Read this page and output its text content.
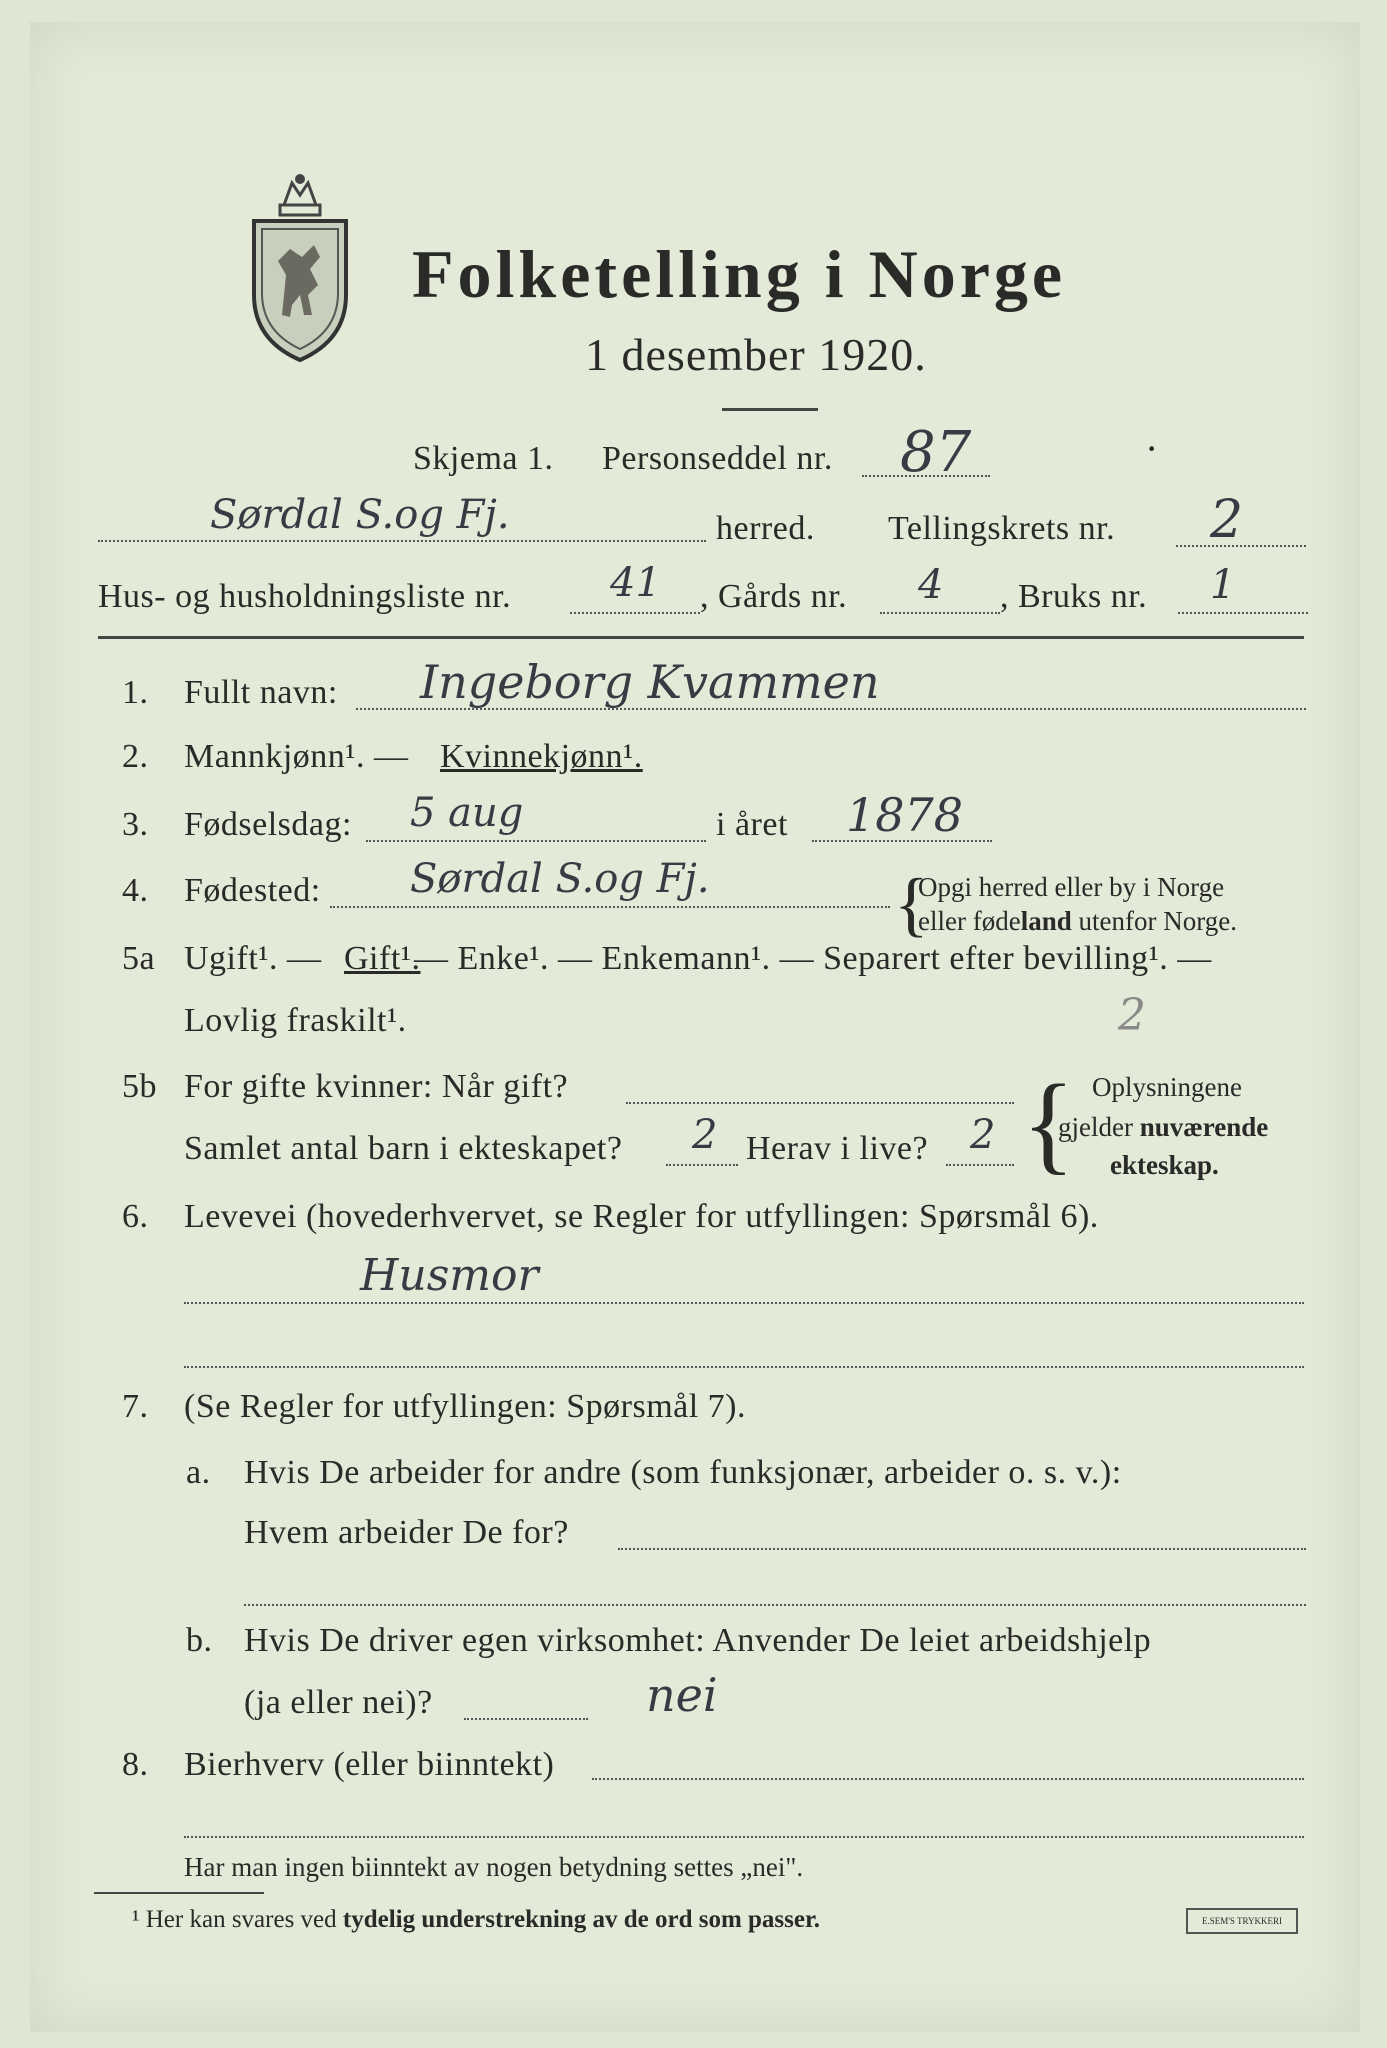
Folketelling i Norge
1 desember 1920.
Skjema 1. Personseddel nr. 87	·
Sørdal S.og Fj.	herred. Tellingskrets nr. 2
Hus- og husholdningsliste nr. 41 , Gårds nr. 4 , Bruks nr. 1
1. Fullt navn: Ingeborg Kvammen
2. Mannkjønn¹. — Kvinnekjønn¹.
3. Fødselsdag: 5 aug	i året 1878
4. Fødested: Sørdal S.og Fj.	{
Opgi herred eller by i Norge
eller fødeland utenfor Norge.
5a Ugift¹. — Gift¹.
— Enke¹. — Enkemann¹. — Separert efter bevilling¹. —
Lovlig fraskilt¹.	2
5b For gifte kvinner: Når gift?
Samlet antal barn i ekteskapet? 2 Herav i live? 2 { Oplysningene
gjelder nuværende
ekteskap.
6. Levevei (hovederhvervet, se Regler for utfyllingen: Spørsmål 6).
Husmor
7. (Se Regler for utfyllingen: Spørsmål 7).
a. Hvis De arbeider for andre (som funksjonær, arbeider o. s. v.):
Hvem arbeider De for?
b. Hvis De driver egen virksomhet: Anvender De leiet arbeidshjelp
(ja eller nei)?	nei
8. Bierhverv (eller biinntekt)
Har man ingen biinntekt av nogen betydning settes „nei".
¹ Her kan svares ved tydelig understrekning av de ord som passer.	E.SEM'S TRYKKERI
